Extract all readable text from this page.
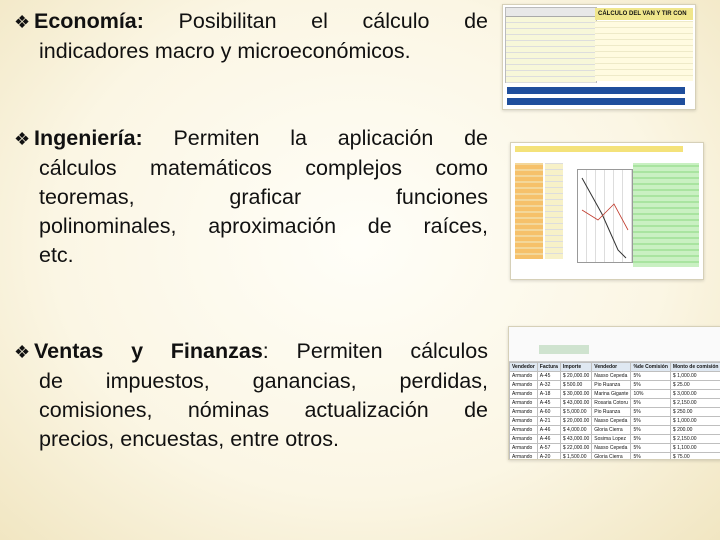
❖ Economía: Posibilitan el cálculo de
indicadores macro y microeconómicos.
❖ Ingeniería: Permiten la aplicación de
cálculos matemáticos complejos como
teoremas, graficar funciones
polinominales, aproximación de raíces,
etc.
❖ Ventas y Finanzas: Permiten cálculos
de impuestos, ganancias, perdidas,
comisiones, nóminas actualización de
precios, encuestas, entre otros.
CÁLCULO DEL VAN Y TIR CON
Vendedor	Factura	Importe	Vendedor	%de Comisión	Monto de comisión
Armando	A-45	$ 20,000.00	Nasso Cepeda	5%	$ 1,000.00
Armando	A-32	$ 500.00	Pio Ruanza	5%	$ 25.00
Armando	A-18	$ 30,000.00	Marina Gigante	10%	$ 3,000.00
Armando	A-45	$ 43,000.00	Rosaria Cotoru	5%	$ 2,150.00
Armando	A-60	$ 5,000.00	Pio Ruanza	5%	$ 250.00
Armando	A-21	$ 20,000.00	Nasso Cepeda	5%	$ 1,000.00
Armando	A-46	$ 4,000.00	Gloria Cierra	5%	$ 200.00
Armando	A-46	$ 43,000.00	Sosima Lopez	5%	$ 2,150.00
Armando	A-57	$ 22,000.00	Nasso Cepeda	5%	$ 1,100.00
Armando	A-20	$ 1,500.00	Gloria Cierra	5%	$ 75.00
